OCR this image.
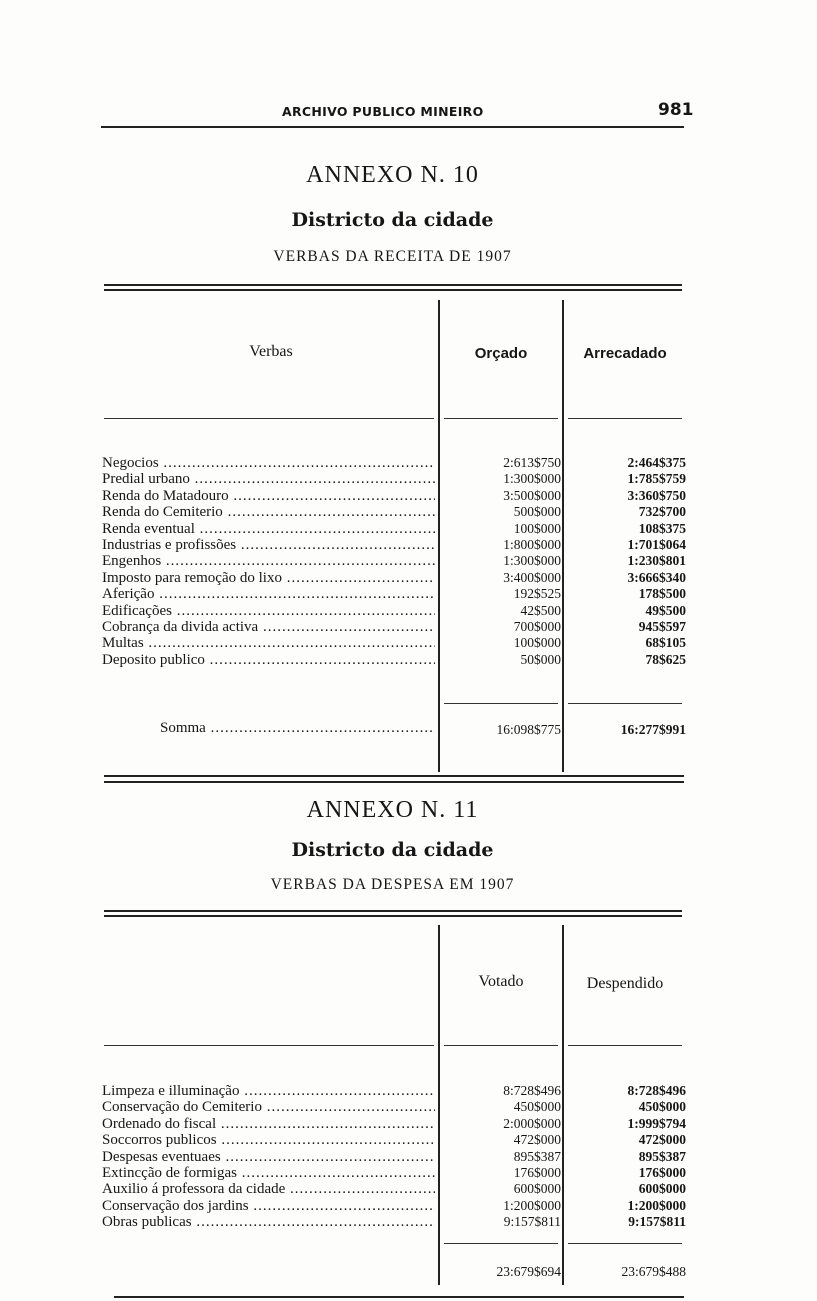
ARCHIVO PUBLICO MINEIRO	981
ANNEXO N. 10
Districto da cidade
VERBAS DA RECEITA DE 1907
Verbas	Orçado	Arrecadado
Negocios .....	2:613$750	2:464$375
Predial urbano .....	1:300$000	1:785$759
Renda do Matadouro .....	3:500$000	3:360$750
Renda do Cemiterio .....	500$000	732$700
Renda eventual .....	100$000	108$375
Industrias e profissões .....	1:800$000	1:701$064
Engenhos .....	1:300$000	1:230$801
Imposto para remoção do lixo .....	3:400$000	3:666$340
Aferição .....	192$525	178$500
Edificações .....	42$500	49$500
Cobrança da divida activa .....	700$000	945$597
Multas .....	100$000	68$105
Deposito publico .....	50$000	78$625
Somma .....	16:098$775	16:277$991
ANNEXO N. 11
Districto da cidade
VERBAS DA DESPESA EM 1907
Votado	Despendido
Limpeza e illuminação .....	8:728$496	8:728$496
Conservação do Cemiterio .....	450$000	450$000
Ordenado do fiscal .....	2:000$000	1:999$794
Soccorros publicos .....	472$000	472$000
Despesas eventuaes .....	895$387	895$387
Extincção de formigas .....	176$000	176$000
Auxilio á professora da cidade .....	600$000	600$000
Conservação dos jardins .....	1:200$000	1:200$000
Obras publicas .....	9:157$811	9:157$811
23:679$694	23:679$488
